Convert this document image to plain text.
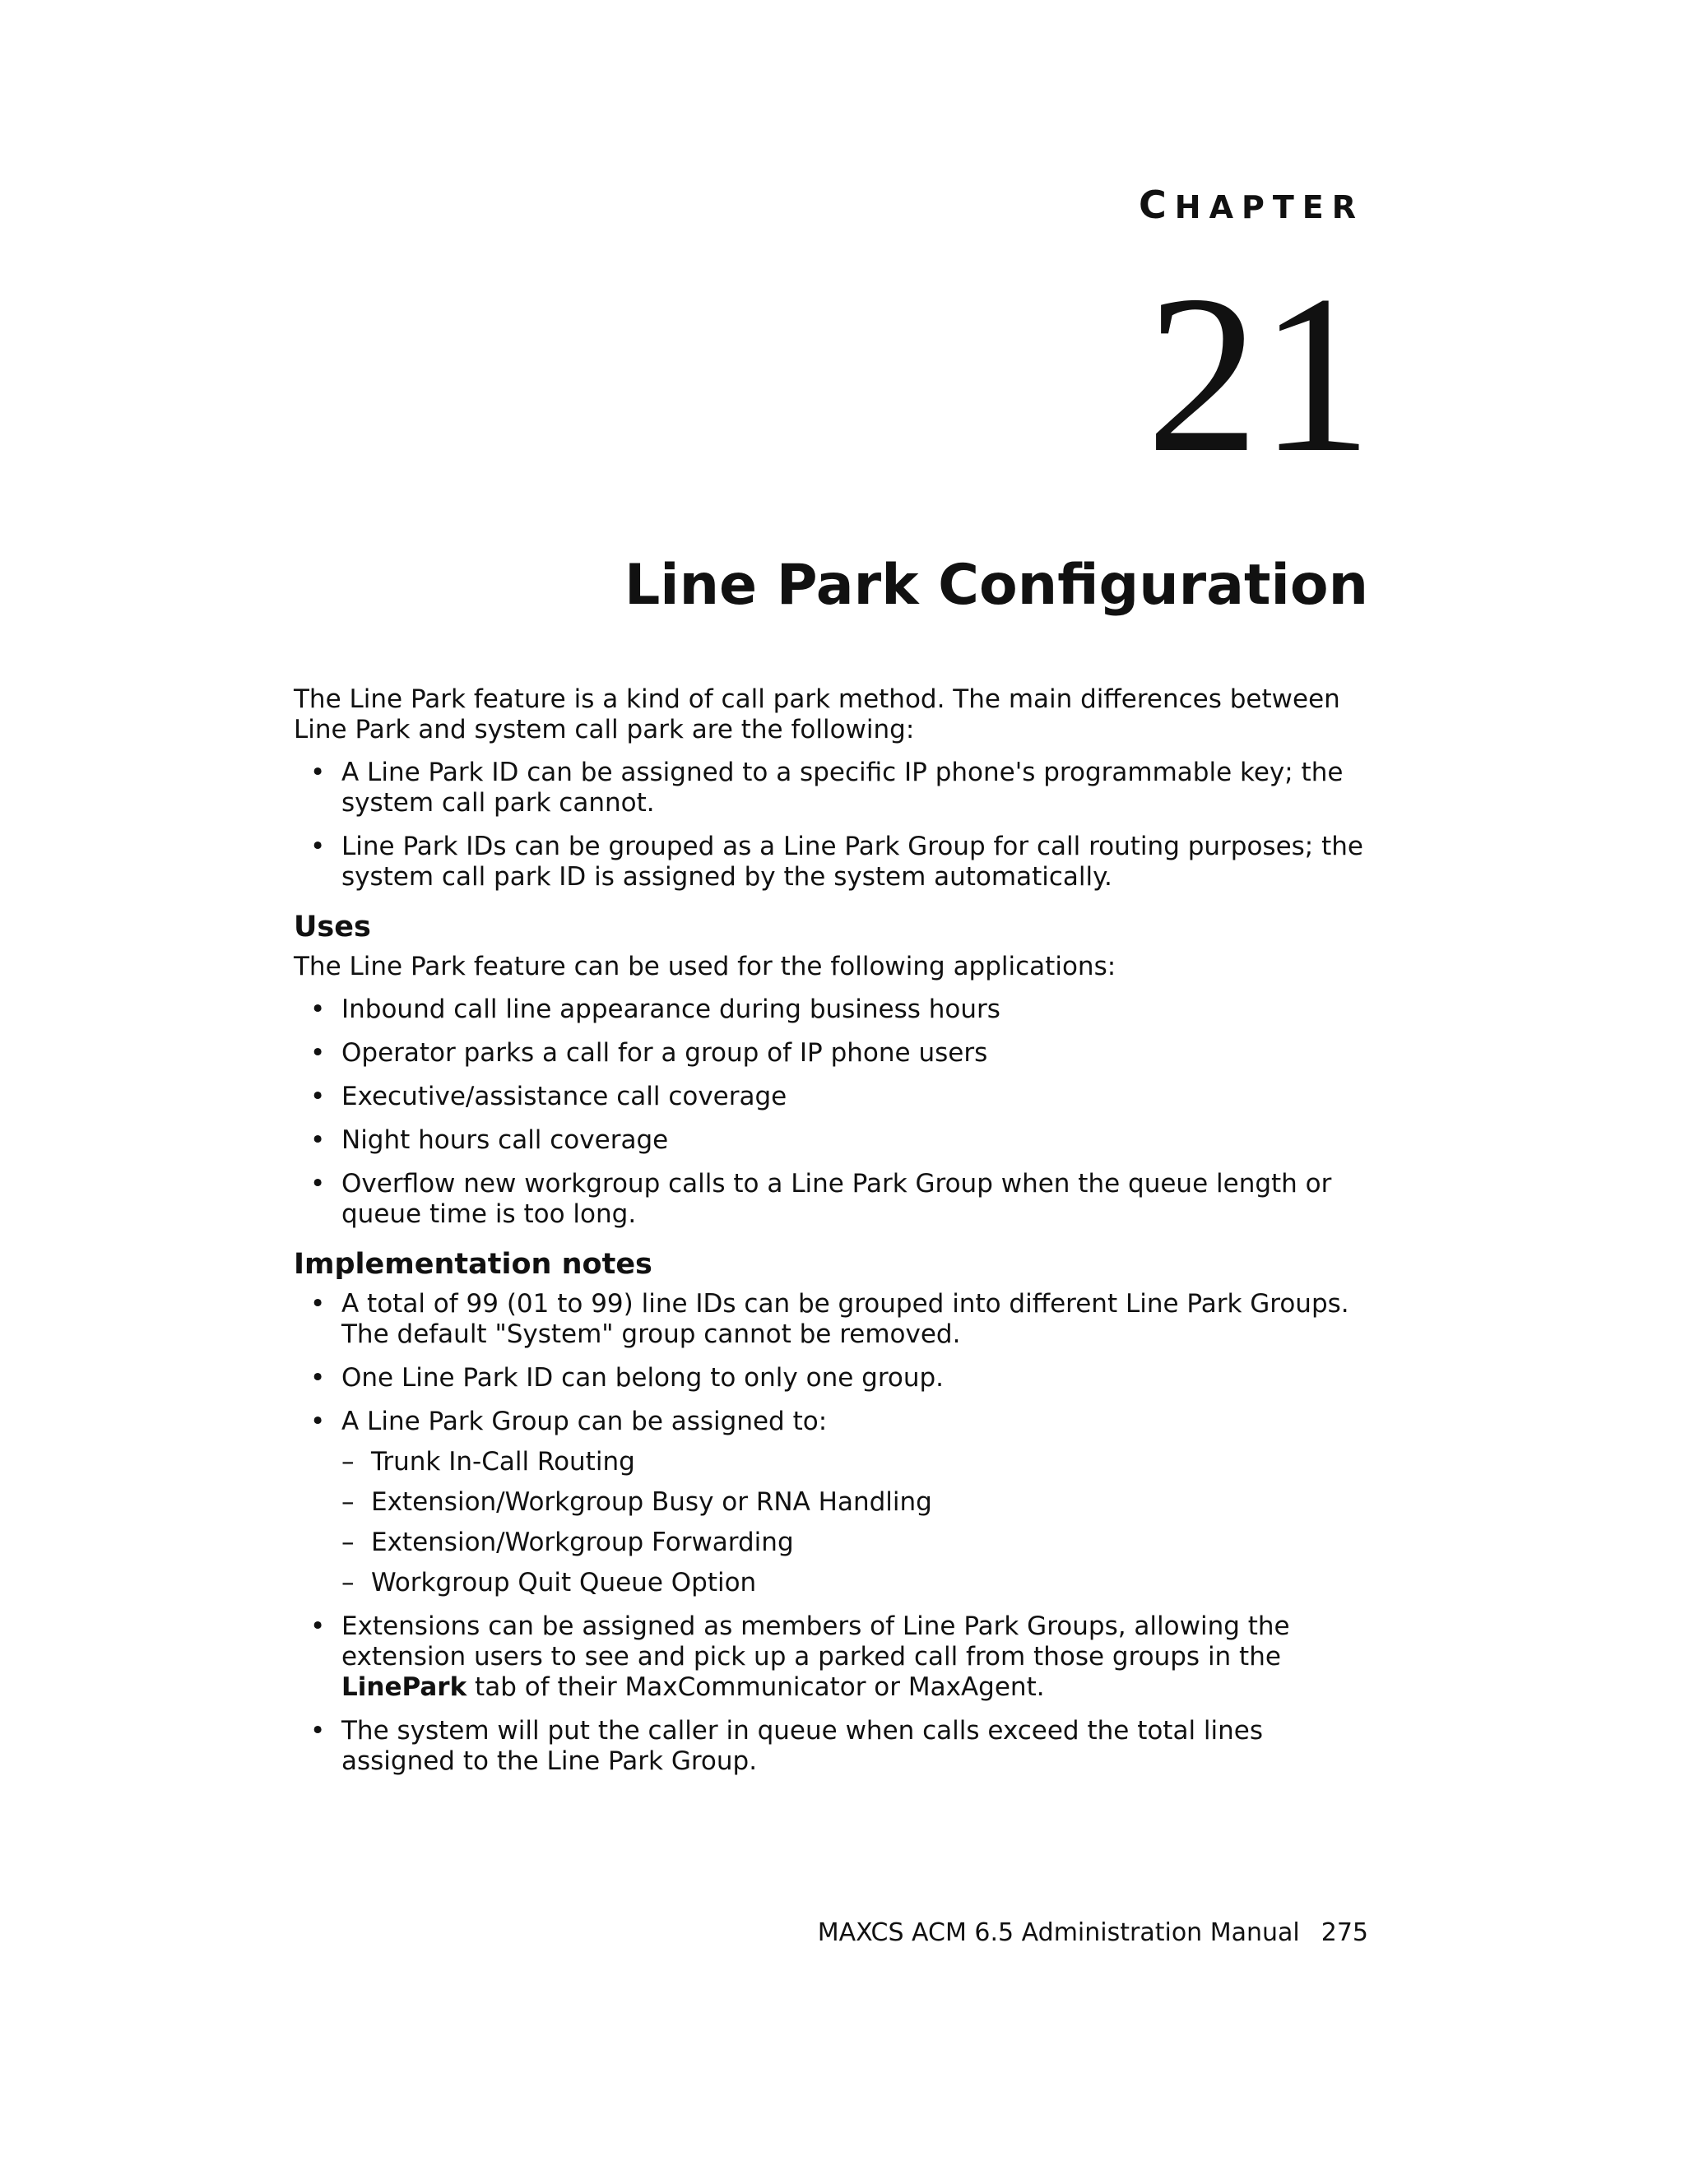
CHAPTER
21
Line Park Configuration

The Line Park feature is a kind of call park method. The main differences between Line Park and system call park are the following:

• A Line Park ID can be assigned to a specific IP phone's programmable key; the system call park cannot.
• Line Park IDs can be grouped as a Line Park Group for call routing purposes; the system call park ID is assigned by the system automatically.
Uses

The Line Park feature can be used for the following applications:

• Inbound call line appearance during business hours
• Operator parks a call for a group of IP phone users
• Executive/assistance call coverage
• Night hours call coverage
• Overflow new workgroup calls to a Line Park Group when the queue length or queue time is too long.
Implementation notes
• A total of 99 (01 to 99) line IDs can be grouped into different Line Park Groups. The default "System" group cannot be removed.
• One Line Park ID can belong to only one group.
• A Line Park Group can be assigned to:
– Trunk In-Call Routing
– Extension/Workgroup Busy or RNA Handling
– Extension/Workgroup Forwarding
– Workgroup Quit Queue Option
• Extensions can be assigned as members of Line Park Groups, allowing the extension users to see and pick up a parked call from those groups in the LinePark tab of their MaxCommunicator or MaxAgent.
• The system will put the caller in queue when calls exceed the total lines assigned to the Line Park Group.
MAXCS ACM 6.5 Administration Manual 275
